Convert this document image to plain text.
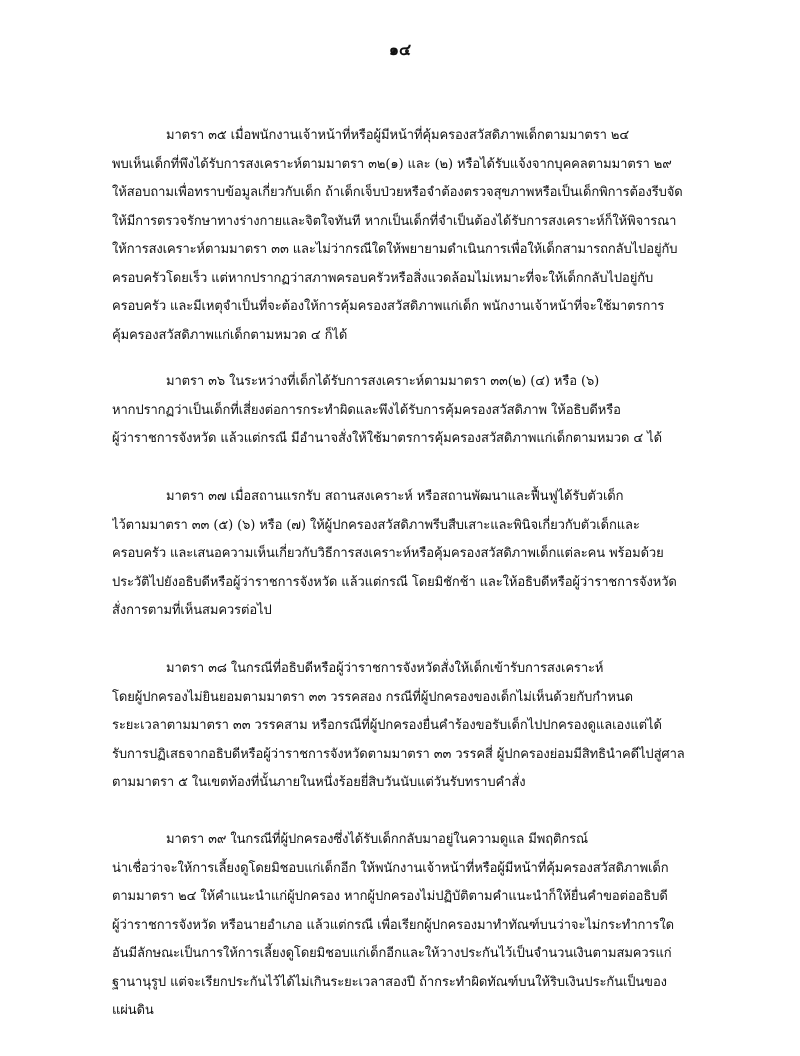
๑๔
มาตรา ๓๕ เมื่อพนักงานเจ้าหน้าที่หรือผู้มีหน้าที่คุ้มครองสวัสดิภาพเด็กตามมาตรา ๒๔
พบเห็นเด็กที่พึงได้รับการสงเคราะห์ตามมาตรา ๓๒(๑) และ (๒) หรือได้รับแจ้งจากบุคคลตามมาตรา ๒๙
ให้สอบถามเพื่อทราบข้อมูลเกี่ยวกับเด็ก ถ้าเด็กเจ็บป่วยหรือจำต้องตรวจสุขภาพหรือเป็นเด็กพิการต้องรีบจัด
ให้มีการตรวจรักษาทางร่างกายและจิตใจทันที หากเป็นเด็กที่จำเป็นต้องได้รับการสงเคราะห์ก็ให้พิจารณา
ให้การสงเคราะห์ตามมาตรา ๓๓ และไม่ว่ากรณีใดให้พยายามดำเนินการเพื่อให้เด็กสามารถกลับไปอยู่กับ
ครอบครัวโดยเร็ว แต่หากปรากฏว่าสภาพครอบครัวหรือสิ่งแวดล้อมไม่เหมาะที่จะให้เด็กกลับไปอยู่กับ
ครอบครัว และมีเหตุจำเป็นที่จะต้องให้การคุ้มครองสวัสดิภาพแก่เด็ก พนักงานเจ้าหน้าที่จะใช้มาตรการ
คุ้มครองสวัสดิภาพแก่เด็กตามหมวด ๔ ก็ได้
มาตรา ๓๖ ในระหว่างที่เด็กได้รับการสงเคราะห์ตามมาตรา ๓๓(๒) (๔) หรือ (๖)
หากปรากฏว่าเป็นเด็กที่เสี่ยงต่อการกระทำผิดและพึงได้รับการคุ้มครองสวัสดิภาพ ให้อธิบดีหรือ
ผู้ว่าราชการจังหวัด แล้วแต่กรณี มีอำนาจสั่งให้ใช้มาตรการคุ้มครองสวัสดิภาพแก่เด็กตามหมวด ๔ ได้
มาตรา ๓๗ เมื่อสถานแรกรับ สถานสงเคราะห์ หรือสถานพัฒนาและฟื้นฟูได้รับตัวเด็ก
ไว้ตามมาตรา ๓๓ (๕) (๖) หรือ (๗) ให้ผู้ปกครองสวัสดิภาพรีบสืบเสาะและพินิจเกี่ยวกับตัวเด็กและ
ครอบครัว และเสนอความเห็นเกี่ยวกับวิธีการสงเคราะห์หรือคุ้มครองสวัสดิภาพเด็กแต่ละคน พร้อมด้วย
ประวัติไปยังอธิบดีหรือผู้ว่าราชการจังหวัด แล้วแต่กรณี โดยมิชักช้า และให้อธิบดีหรือผู้ว่าราชการจังหวัด
สั่งการตามที่เห็นสมควรต่อไป
มาตรา ๓๘ ในกรณีที่อธิบดีหรือผู้ว่าราชการจังหวัดสั่งให้เด็กเข้ารับการสงเคราะห์
โดยผู้ปกครองไม่ยินยอมตามมาตรา ๓๓ วรรคสอง กรณีที่ผู้ปกครองของเด็กไม่เห็นด้วยกับกำหนด
ระยะเวลาตามมาตรา ๓๓ วรรคสาม หรือกรณีที่ผู้ปกครองยื่นคำร้องขอรับเด็กไปปกครองดูแลเองแต่ได้
รับการปฏิเสธจากอธิบดีหรือผู้ว่าราชการจังหวัดตามมาตรา ๓๓ วรรคสี่ ผู้ปกครองย่อมมีสิทธินำคดีไปสู่ศาล
ตามมาตรา ๕ ในเขตท้องที่นั้นภายในหนึ่งร้อยยี่สิบวันนับแต่วันรับทราบคำสั่ง
มาตรา ๓๙ ในกรณีที่ผู้ปกครองซึ่งได้รับเด็กกลับมาอยู่ในความดูแล มีพฤติกรณ์
น่าเชื่อว่าจะให้การเลี้ยงดูโดยมิชอบแก่เด็กอีก ให้พนักงานเจ้าหน้าที่หรือผู้มีหน้าที่คุ้มครองสวัสดิภาพเด็ก
ตามมาตรา ๒๔ ให้คำแนะนำแก่ผู้ปกครอง หากผู้ปกครองไม่ปฏิบัติตามคำแนะนำก็ให้ยื่นคำขอต่ออธิบดี
ผู้ว่าราชการจังหวัด หรือนายอำเภอ แล้วแต่กรณี เพื่อเรียกผู้ปกครองมาทำทัณฑ์บนว่าจะไม่กระทำการใด
อันมีลักษณะเป็นการให้การเลี้ยงดูโดยมิชอบแก่เด็กอีกและให้วางประกันไว้เป็นจำนวนเงินตามสมควรแก่
ฐานานุรูป แต่จะเรียกประกันไว้ได้ไม่เกินระยะเวลาสองปี ถ้ากระทำผิดทัณฑ์บนให้ริบเงินประกันเป็นของ
แผ่นดิน
